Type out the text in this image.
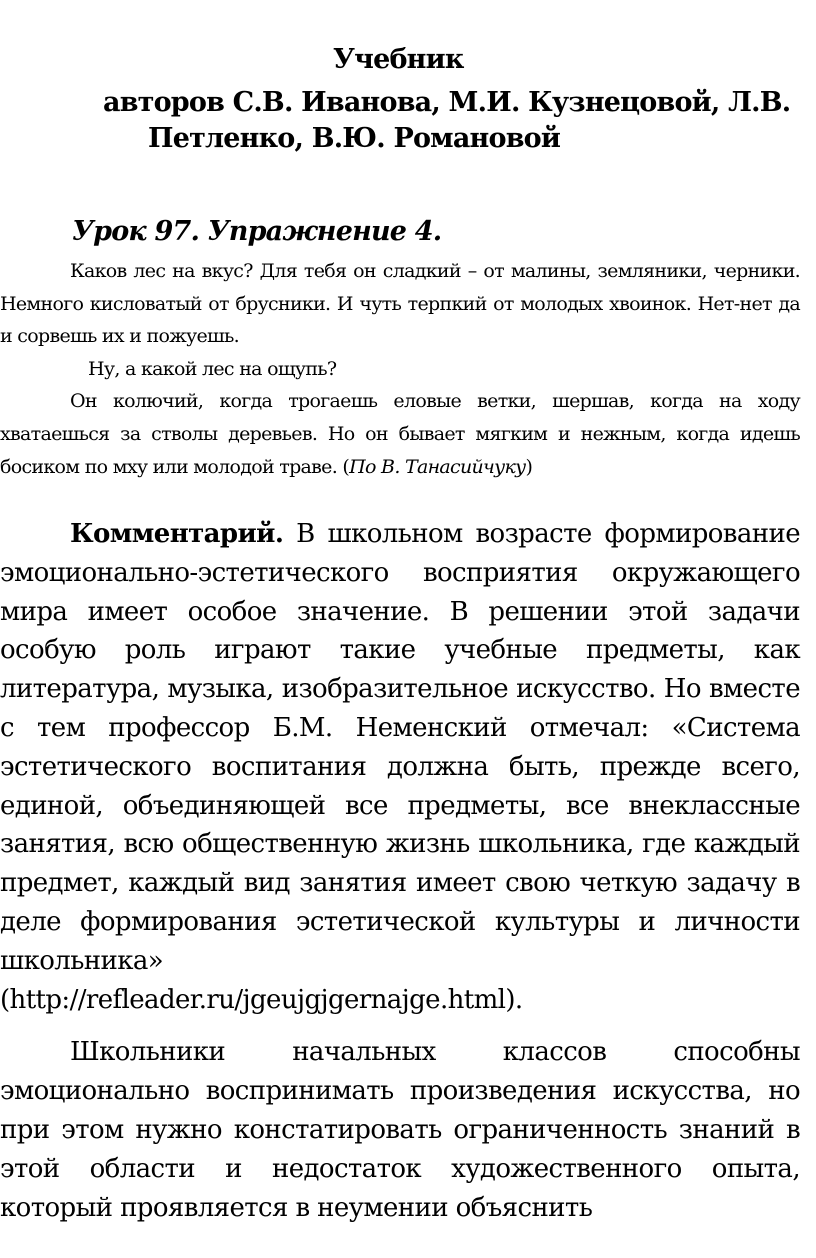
Учебник
авторов С.В. Иванова, М.И. Кузнецовой, Л.В.
Петленко, В.Ю. Романовой
Урок 97. Упражнение 4.

Каков лес на вкус? Для тебя он сладкий – от малины, земляники, черники. Немного кисловатый от брусники. И чуть терпкий от молодых хвоинок. Нет-нет да и сорвешь их и пожуешь.

Ну, а какой лес на ощупь?

Он колючий, когда трогаешь еловые ветки, шершав, когда на ходу хватаешься за стволы деревьев. Но он бывает мягким и нежным, когда идешь босиком по мху или молодой траве. (По В. Танасийчуку)

Комментарий. В школьном возрасте формирование эмоционально-эстетического восприятия окружающего мира имеет особое значение. В решении этой задачи особую роль играют такие учебные предметы, как литература, музыка, изобразительное искусство. Но вместе с тем профессор Б.М. Неменский отмечал: «Система эстетического воспитания должна быть, прежде всего, единой, объединяющей все предметы, все внеклассные занятия, всю общественную жизнь школьника, где каждый предмет, каждый вид занятия имеет свою четкую задачу в деле формирования эстетической культуры и личности школьника»

(http://refleader.ru/jgeujgjgernajge.html).

Школьники начальных классов способны эмоционально воспринимать произведения искусства, но при этом нужно констатировать ограниченность знаний в этой области и недостаток художественного опыта, который проявляется в неумении объяснить
